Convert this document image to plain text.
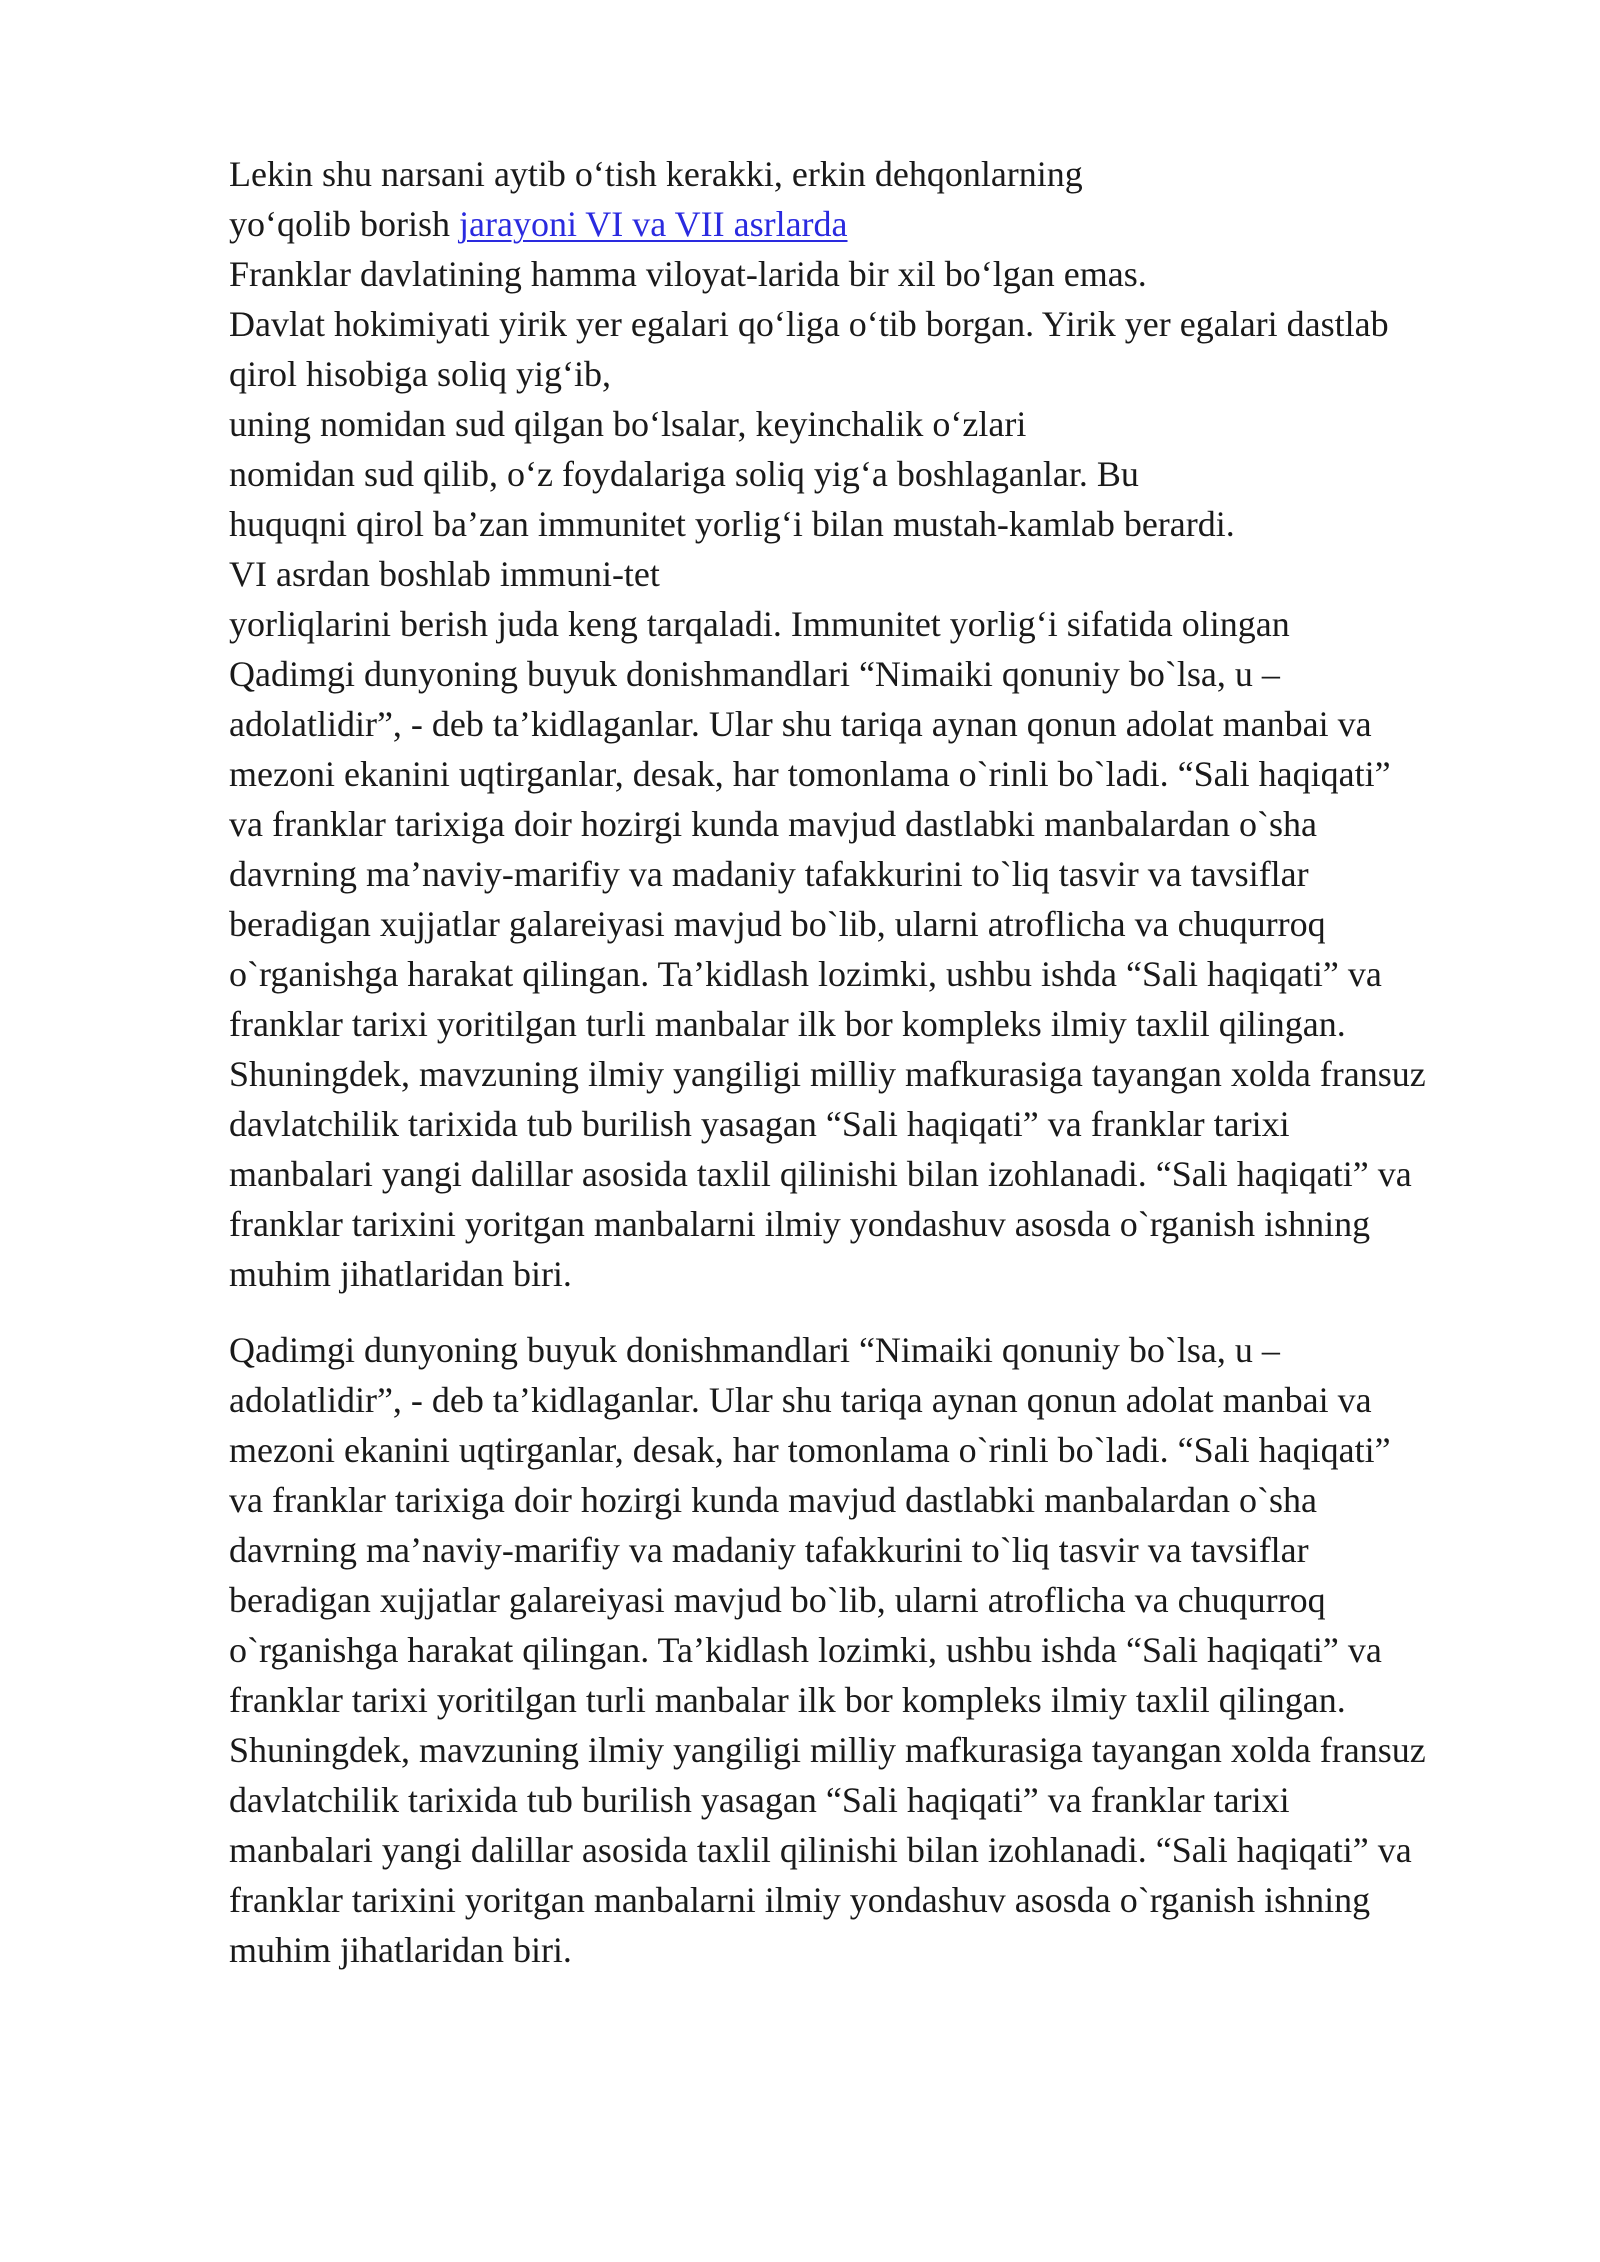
Lekin shu narsani aytib o‘tish kerakki, erkin dehqonlarning
yo‘qolib borish jarayoni VI va VII asrlarda
Franklar davlatining hamma viloyat-larida bir xil bo‘lgan emas.
Davlat hokimiyati yirik yer egalari qo‘liga o‘tib borgan. Yirik yer egalari dastlab
qirol hisobiga soliq yig‘ib,
uning nomidan sud qilgan bo‘lsalar, keyinchalik o‘zlari
nomidan sud qilib, o‘z foydalariga soliq yig‘a boshlaganlar. Bu
huquqni qirol ba’zan immunitet yorlig‘i bilan mustah-kamlab berardi.
VI asrdan boshlab immuni-tet
yorliqlarini berish juda keng tarqaladi. Immunitet yorlig‘i sifatida olingan
Qadimgi dunyoning buyuk donishmandlari “Nimaiki qonuniy bo`lsa, u –
adolatlidir”, - deb ta’kidlaganlar. Ular shu tariqa aynan qonun adolat manbai va
mezoni ekanini uqtirganlar, desak, har tomonlama o`rinli bo`ladi. “Sali haqiqati”
va franklar tarixiga doir hozirgi kunda mavjud dastlabki manbalardan o`sha
davrning ma’naviy-marifiy va madaniy tafakkurini to`liq tasvir va tavsiflar
beradigan xujjatlar galareiyasi mavjud bo`lib, ularni atroflicha va chuqurroq
o`rganishga harakat qilingan. Ta’kidlash lozimki, ushbu ishda “Sali haqiqati” va
franklar tarixi yoritilgan turli manbalar ilk bor kompleks ilmiy taxlil qilingan.
Shuningdek, mavzuning ilmiy yangiligi milliy mafkurasiga tayangan xolda fransuz
davlatchilik tarixida tub burilish yasagan “Sali haqiqati” va franklar tarixi
manbalari yangi dalillar asosida taxlil qilinishi bilan izohlanadi. “Sali haqiqati” va
franklar tarixini yoritgan manbalarni ilmiy yondashuv asosda o`rganish ishning
muhim jihatlaridan biri.
Qadimgi dunyoning buyuk donishmandlari “Nimaiki qonuniy bo`lsa, u –
adolatlidir”, - deb ta’kidlaganlar. Ular shu tariqa aynan qonun adolat manbai va
mezoni ekanini uqtirganlar, desak, har tomonlama o`rinli bo`ladi. “Sali haqiqati”
va franklar tarixiga doir hozirgi kunda mavjud dastlabki manbalardan o`sha
davrning ma’naviy-marifiy va madaniy tafakkurini to`liq tasvir va tavsiflar
beradigan xujjatlar galareiyasi mavjud bo`lib, ularni atroflicha va chuqurroq
o`rganishga harakat qilingan. Ta’kidlash lozimki, ushbu ishda “Sali haqiqati” va
franklar tarixi yoritilgan turli manbalar ilk bor kompleks ilmiy taxlil qilingan.
Shuningdek, mavzuning ilmiy yangiligi milliy mafkurasiga tayangan xolda fransuz
davlatchilik tarixida tub burilish yasagan “Sali haqiqati” va franklar tarixi
manbalari yangi dalillar asosida taxlil qilinishi bilan izohlanadi. “Sali haqiqati” va
franklar tarixini yoritgan manbalarni ilmiy yondashuv asosda o`rganish ishning
muhim jihatlaridan biri.
